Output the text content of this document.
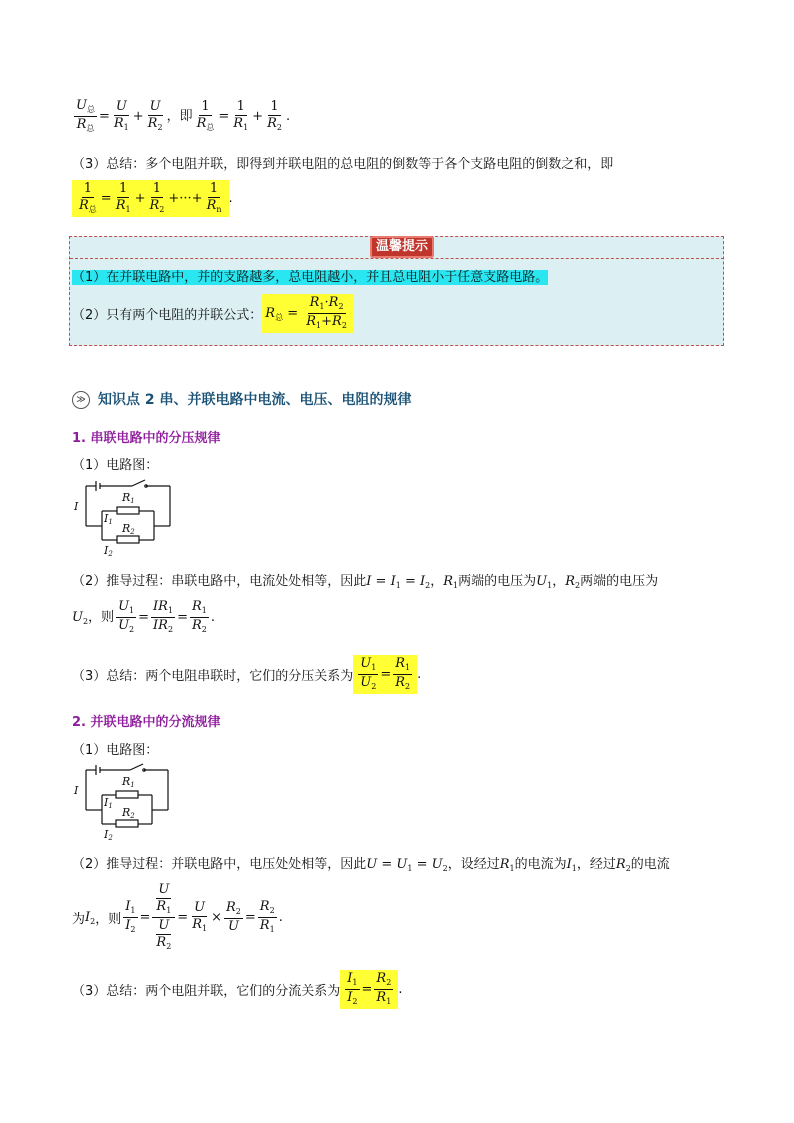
$\frac{U_总}{R_总} = \frac{U}{R_1} + \frac{U}{R_2}$ ，即 $\frac{1}{R_总} = \frac{1}{R_1} + \frac{1}{R_2}$ .
（3）总结：多个电阻并联，即得到并联电阻的总电阻的倒数等于各个支路电阻的倒数之和，即
$\frac{1}{R_总} = \frac{1}{R_1} + \frac{1}{R_2}$ +···+ $\frac{1}{R_n}$ .
温馨提示
（1）在并联电路中，并的支路越多，总电阻越小，并且总电阻小于任意支路电路。
（2）只有两个电阻的并联公式： $R_总 = \frac{R_1\cdot R_2}{R_1+R_2}$
≫ 知识点 2 串、并联电路中电流、电压、电阻的规律
1. 串联电路中的分压规律
（1）电路图：
I
R1
R2
I1
I2
（2）推导过程：串联电路中，电流处处相等，因此$I = I_1 = I_2$，$R_1$两端的电压为$U_1$，$R_2$两端的电压为
$U_2$，则 $\frac{U_1}{U_2} = \frac{IR_1}{IR_2} = \frac{R_1}{R_2}$ .
（3）总结：两个电阻串联时，它们的分压关系为 $\frac{U_1}{U_2} = \frac{R_1}{R_2}$ .
2. 并联电路中的分流规律
（1）电路图：
I
R1
R2
I1
I2
（2）推导过程：并联电路中，电压处处相等，因此$U = U_1 = U_2$，设经过$R_1$的电流为$I_1$，经过$R_2$的电流
为$I_2$，则 $\frac{I_1}{I_2} = \frac{\frac{U}{R_1}}{\frac{U}{R_2}} = \frac{U}{R_1} \times \frac{R_2}{U} = \frac{R_2}{R_1}$ .
（3）总结：两个电阻并联，它们的分流关系为 $\frac{I_1}{I_2} = \frac{R_2}{R_1}$ .
